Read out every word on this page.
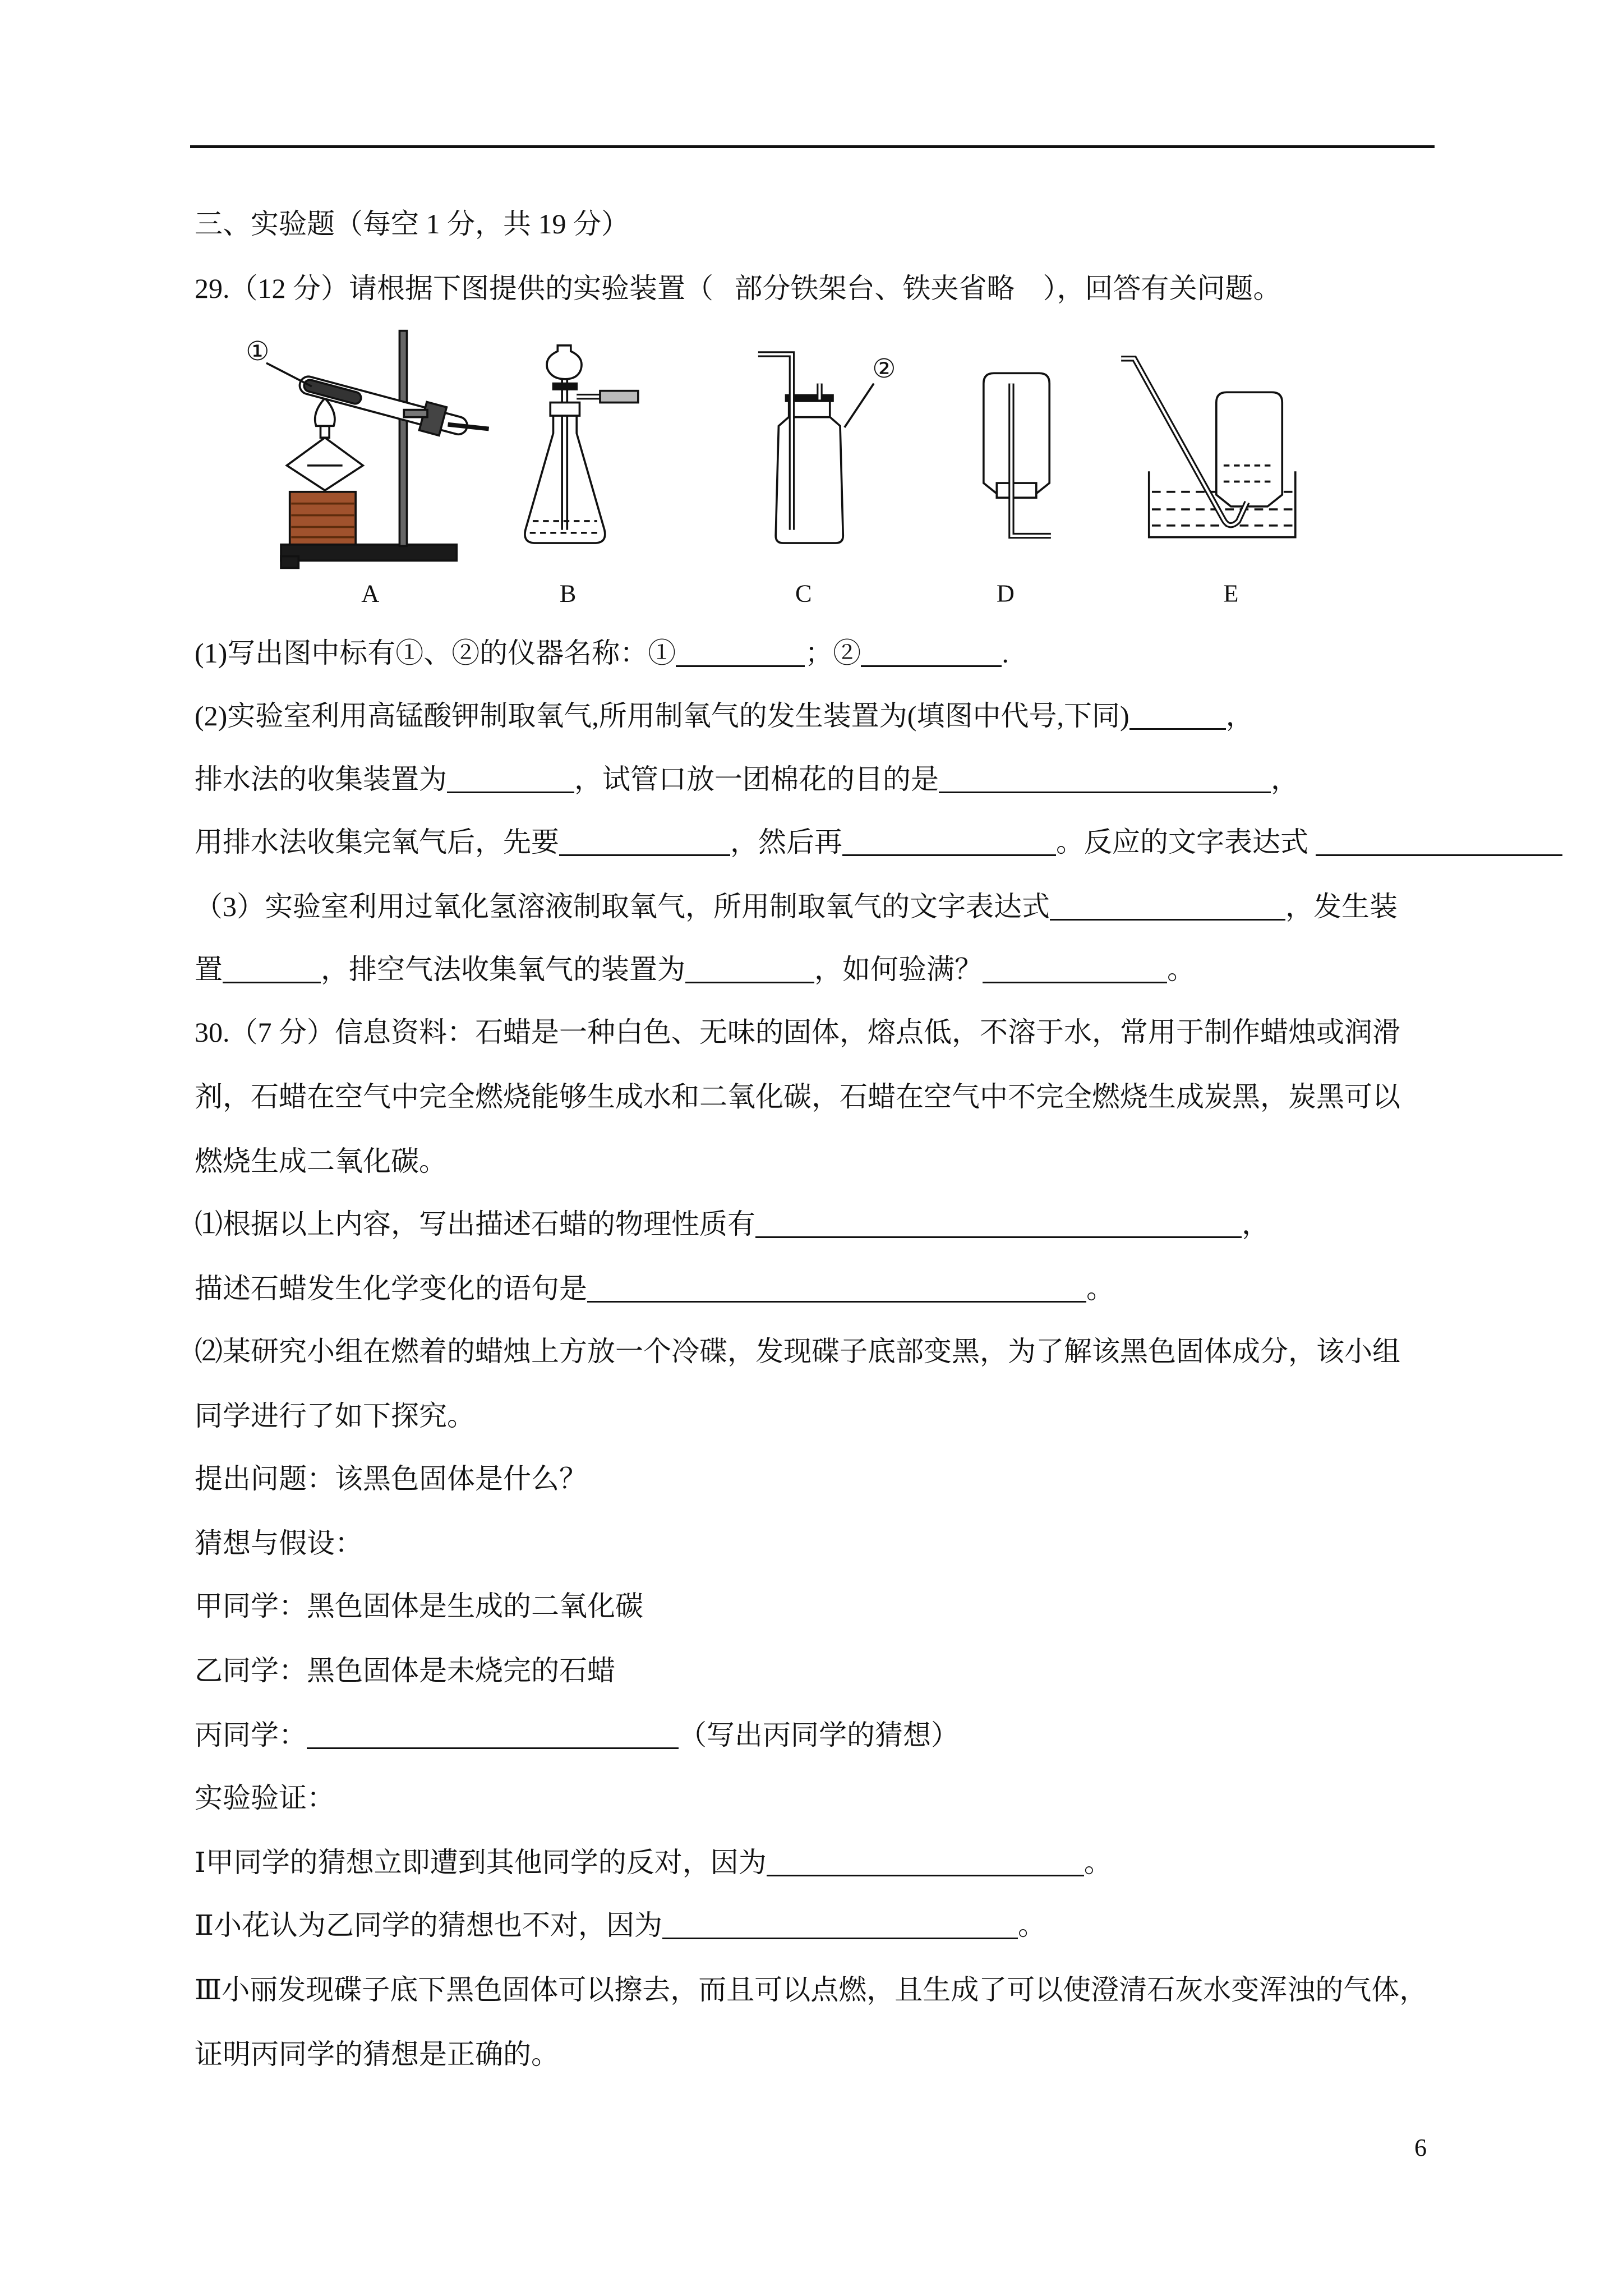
三、实验题（每空 1 分，共 19 分）
29.（12 分）请根据下图提供的实验装置（   部分铁架台、铁夹省略    ），回答有关问题。
①
②
A	B	C	D	E
(1)写出图中标有①、②的仪器名称：①	；②	.
(2)实验室利用高锰酸钾制取氧气,所用制氧气的发生装置为(填图中代号,下同)	，
排水法的收集装置为	，试管口放一团棉花的目的是	，
用排水法收集完氧气后，先要	，然后再	。反应的文字表达式
（3）实验室利用过氧化氢溶液制取氧气，所用制取氧气的文字表达式	，发生装
置	，排空气法收集氧气的装置为	，如何验满？	。
30.（7 分）信息资料：石蜡是一种白色、无味的固体，熔点低，不溶于水，常用于制作蜡烛或润滑
剂，石蜡在空气中完全燃烧能够生成水和二氧化碳，石蜡在空气中不完全燃烧生成炭黑，炭黑可以
燃烧生成二氧化碳。
⑴根据以上内容，写出描述石蜡的物理性质有	，
描述石蜡发生化学变化的语句是	。
⑵某研究小组在燃着的蜡烛上方放一个冷碟，发现碟子底部变黑，为了解该黑色固体成分，该小组
同学进行了如下探究。
提出问题：该黑色固体是什么？
猜想与假设：
甲同学：黑色固体是生成的二氧化碳
乙同学：黑色固体是未烧完的石蜡
丙同学：	（写出丙同学的猜想）
实验验证：
Ⅰ甲同学的猜想立即遭到其他同学的反对，因为	。
Ⅱ小花认为乙同学的猜想也不对，因为	。
Ⅲ小丽发现碟子底下黑色固体可以擦去，而且可以点燃，且生成了可以使澄清石灰水变浑浊的气体，
证明丙同学的猜想是正确的。
6
